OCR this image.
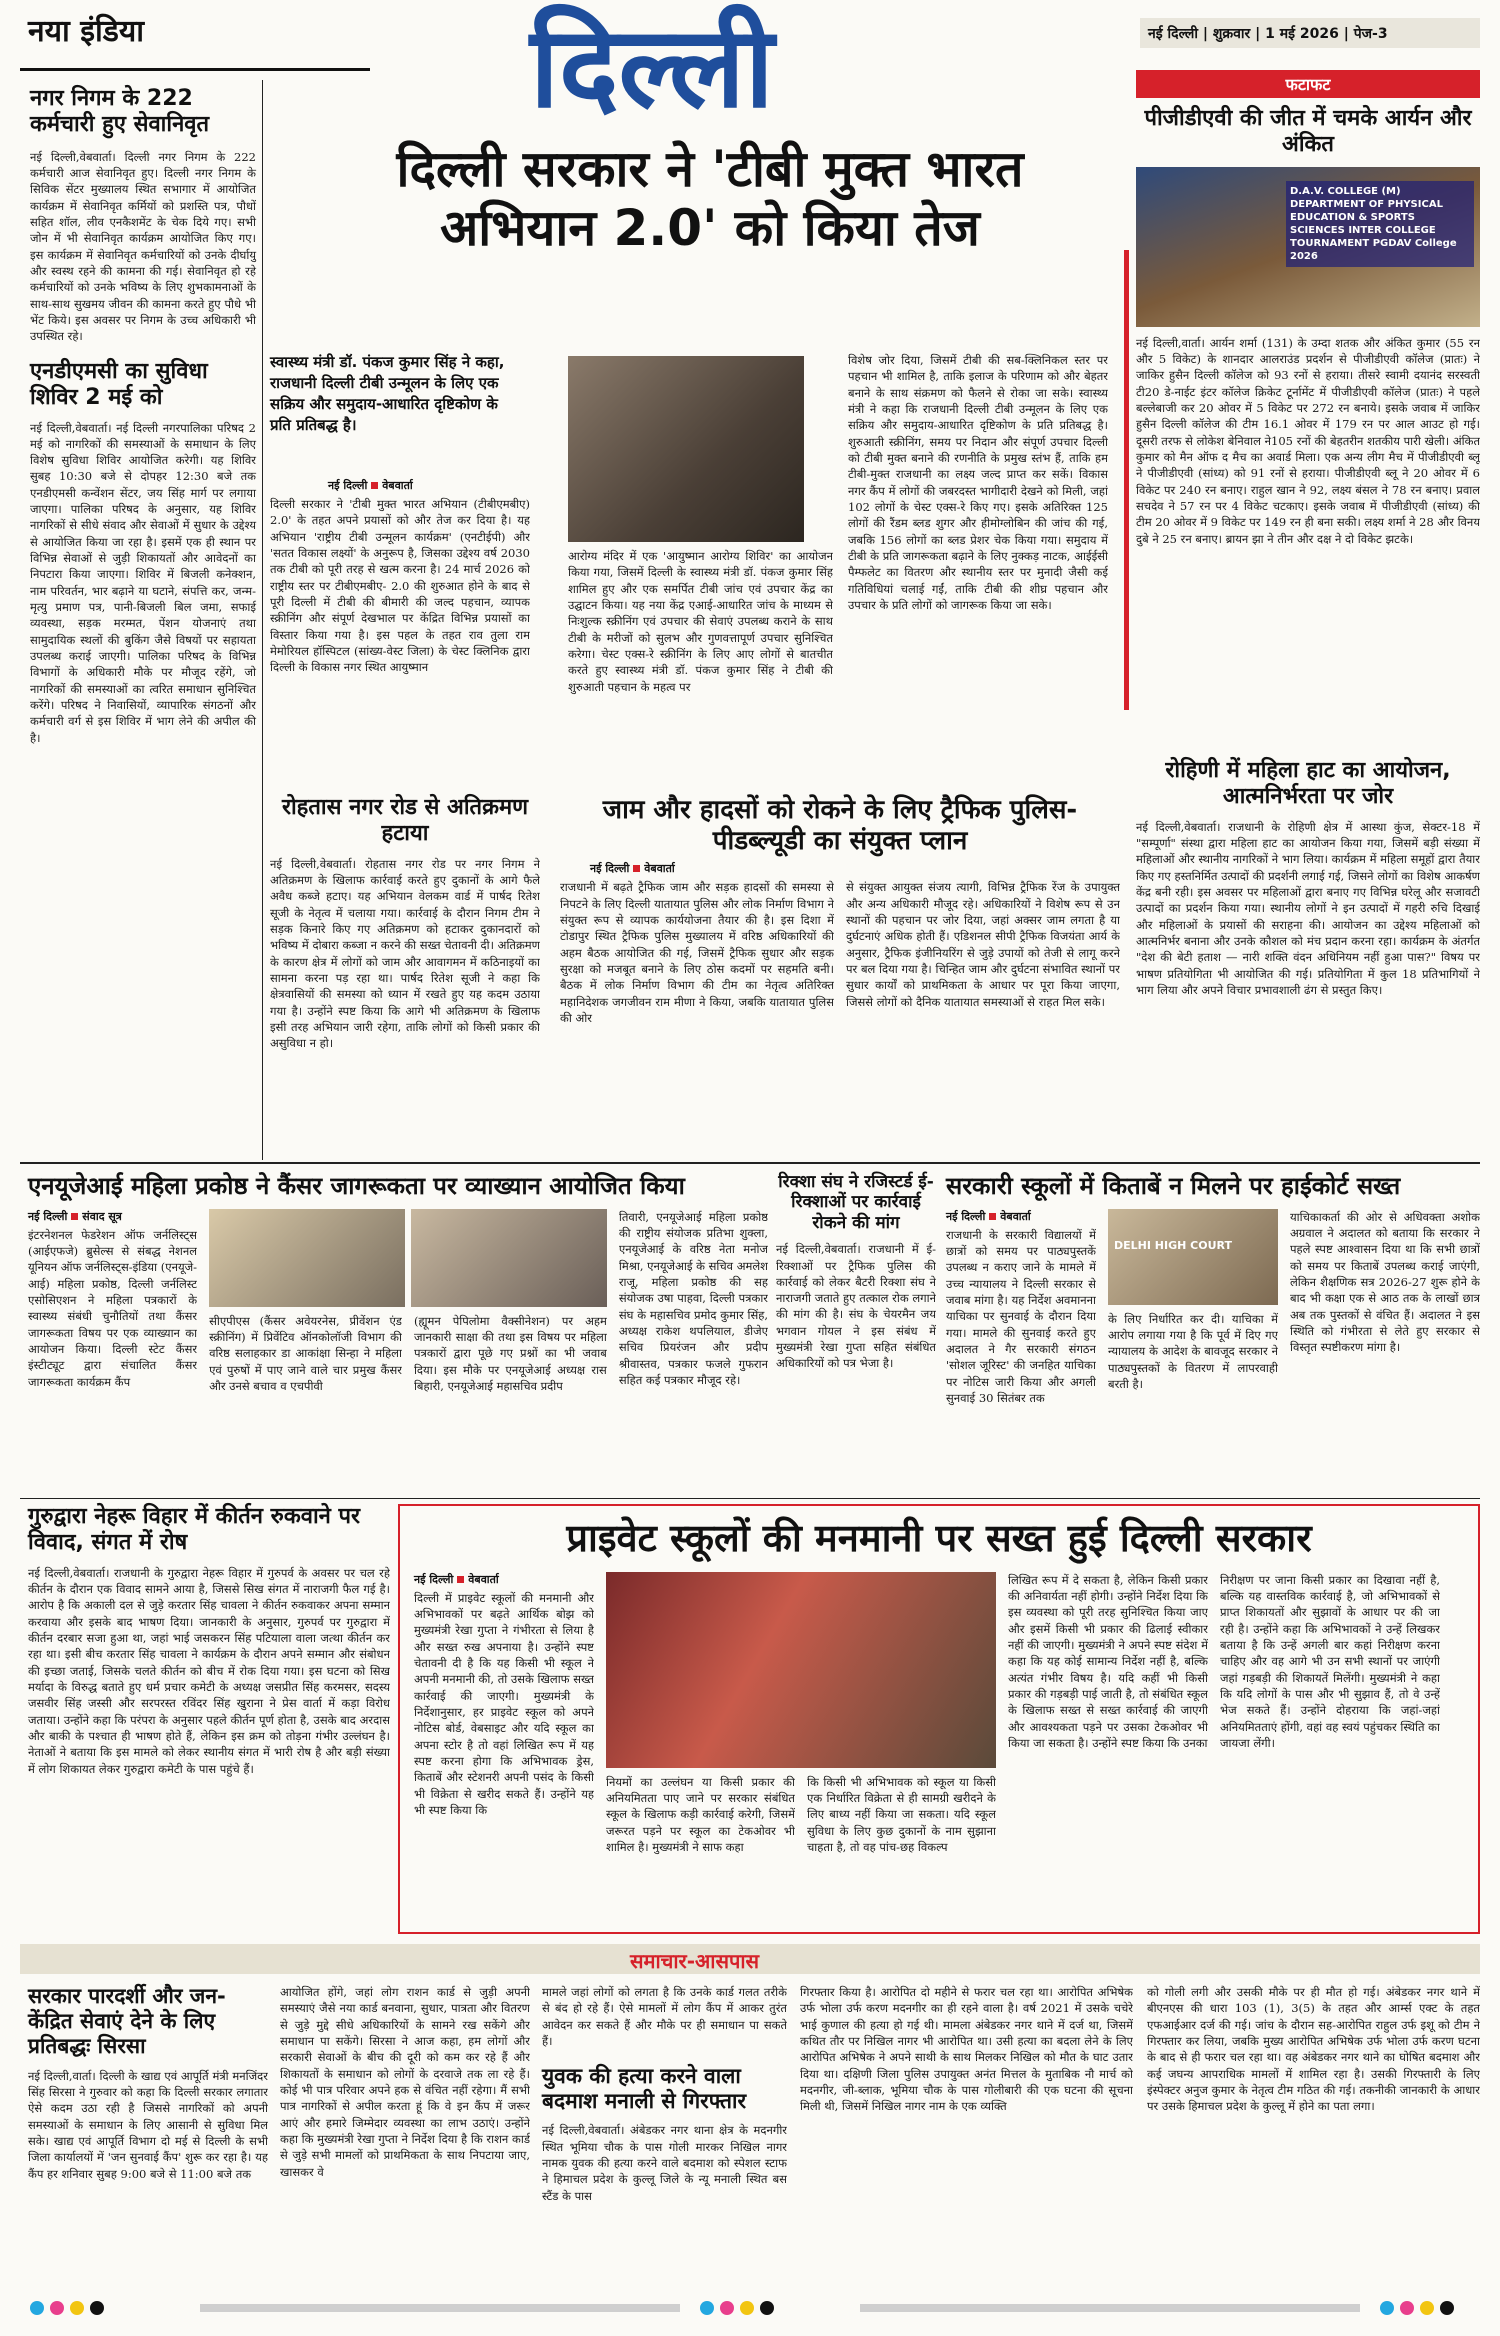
नया इंडिया	दिल्ली	नई दिल्ली | शुक्रवार | 1 मई 2026 | पेज-3
नगर निगम के 222 कर्मचारी हुए सेवानिवृत
नई दिल्ली,वेबवार्ता। दिल्ली नगर निगम के 222 कर्मचारी आज सेवानिवृत हुए। दिल्ली नगर निगम के सिविक सेंटर मुख्यालय स्थित सभागार में आयोजित कार्यक्रम में सेवानिवृत कर्मियों को प्रशस्ति पत्र, पौधों सहित शॉल, लीव एनकैशमेंट के चेक दिये गए। सभी जोन में भी सेवानिवृत कार्यक्रम आयोजित किए गए। इस कार्यक्रम में सेवानिवृत कर्मचारियों को उनके दीर्घायु और स्वस्थ रहने की कामना की गई। सेवानिवृत हो रहे कर्मचारियों को उनके भविष्य के लिए शुभकामनाओं के साथ-साथ सुखमय जीवन की कामना करते हुए पौधे भी भेंट किये। इस अवसर पर निगम के उच्च अधिकारी भी उपस्थित रहे।
एनडीएमसी का सुविधा शिविर 2 मई को
नई दिल्ली,वेबवार्ता। नई दिल्ली नगरपालिका परिषद 2 मई को नागरिकों की समस्याओं के समाधान के लिए विशेष सुविधा शिविर आयोजित करेगी। यह शिविर सुबह 10:30 बजे से दोपहर 12:30 बजे तक एनडीएमसी कन्वेंशन सेंटर, जय सिंह मार्ग पर लगाया जाएगा। पालिका परिषद के अनुसार, यह शिविर नागरिकों से सीधे संवाद और सेवाओं में सुधार के उद्देश्य से आयोजित किया जा रहा है। इसमें एक ही स्थान पर विभिन्न सेवाओं से जुड़ी शिकायतों और आवेदनों का निपटारा किया जाएगा। शिविर में बिजली कनेक्शन, नाम परिवर्तन, भार बढ़ाने या घटाने, संपत्ति कर, जन्म-मृत्यु प्रमाण पत्र, पानी-बिजली बिल जमा, सफाई व्यवस्था, सड़क मरम्मत, पेंशन योजनाएं तथा सामुदायिक स्थलों की बुकिंग जैसे विषयों पर सहायता उपलब्ध कराई जाएगी। पालिका परिषद के विभिन्न विभागों के अधिकारी मौके पर मौजूद रहेंगे, जो नागरिकों की समस्याओं का त्वरित समाधान सुनिश्चित करेंगे। परिषद ने निवासियों, व्यापारिक संगठनों और कर्मचारी वर्ग से इस शिविर में भाग लेने की अपील की है।
दिल्ली सरकार ने 'टीबी मुक्त भारत अभियान 2.0' को किया तेज
स्वास्थ्य मंत्री डॉ. पंकज कुमार सिंह ने कहा, राजधानी दिल्ली टीबी उन्मूलन के लिए एक सक्रिय और समुदाय-आधारित दृष्टिकोण के प्रति प्रतिबद्ध है।
नई दिल्ली वेबवार्ता
दिल्ली सरकार ने 'टीबी मुक्त भारत अभियान (टीबीएमबीए) 2.0' के तहत अपने प्रयासों को और तेज कर दिया है। यह अभियान 'राष्ट्रीय टीबी उन्मूलन कार्यक्रम' (एनटीईपी) और 'सतत विकास लक्ष्यों' के अनुरूप है, जिसका उद्देश्य वर्ष 2030 तक टीबी को पूरी तरह से खत्म करना है। 24 मार्च 2026 को राष्ट्रीय स्तर पर टीबीएमबीए- 2.0 की शुरुआत होने के बाद से पूरी दिल्ली में टीबी की बीमारी की जल्द पहचान, व्यापक स्क्रीनिंग और संपूर्ण देखभाल पर केंद्रित विभिन्न प्रयासों का विस्तार किया गया है। इस पहल के तहत राव तुला राम मेमोरियल हॉस्पिटल (सांख्य-वेस्ट जिला) के चेस्ट क्लिनिक द्वारा दिल्ली के विकास नगर स्थित आयुष्मान
आरोग्य मंदिर में एक 'आयुष्मान आरोग्य शिविर' का आयोजन किया गया, जिसमें दिल्ली के स्वास्थ्य मंत्री डॉ. पंकज कुमार सिंह शामिल हुए और एक समर्पित टीबी जांच एवं उपचार केंद्र का उद्घाटन किया। यह नया केंद्र एआई-आधारित जांच के माध्यम से निःशुल्क स्क्रीनिंग एवं उपचार की सेवाएं उपलब्ध कराने के साथ टीबी के मरीजों को सुलभ और गुणवत्तापूर्ण उपचार सुनिश्चित करेगा। चेस्ट एक्स-रे स्क्रीनिंग के लिए आए लोगों से बातचीत करते हुए स्वास्थ्य मंत्री डॉ. पंकज कुमार सिंह ने टीबी की शुरुआती पहचान के महत्व पर
विशेष जोर दिया, जिसमें टीबी की सब-क्लिनिकल स्तर पर पहचान भी शामिल है, ताकि इलाज के परिणाम को और बेहतर बनाने के साथ संक्रमण को फैलने से रोका जा सके। स्वास्थ्य मंत्री ने कहा कि राजधानी दिल्ली टीबी उन्मूलन के लिए एक सक्रिय और समुदाय-आधारित दृष्टिकोण के प्रति प्रतिबद्ध है। शुरुआती स्क्रीनिंग, समय पर निदान और संपूर्ण उपचार दिल्ली को टीबी मुक्त बनाने की रणनीति के प्रमुख स्तंभ हैं, ताकि हम टीबी-मुक्त राजधानी का लक्ष्य जल्द प्राप्त कर सकें। विकास नगर कैंप में लोगों की जबरदस्त भागीदारी देखने को मिली, जहां 102 लोगों के चेस्ट एक्स-रे किए गए। इसके अतिरिक्त 125 लोगों की रैंडम ब्लड शुगर और हीमोग्लोबिन की जांच की गई, जबकि 156 लोगों का ब्लड प्रेशर चेक किया गया। समुदाय में टीबी के प्रति जागरूकता बढ़ाने के लिए नुक्कड़ नाटक, आईईसी पैम्फलेट का वितरण और स्थानीय स्तर पर मुनादी जैसी कई गतिविधियां चलाई गईं, ताकि टीबी की शीघ्र पहचान और उपचार के प्रति लोगों को जागरूक किया जा सके।
रोहतास नगर रोड से अतिक्रमण हटाया
नई दिल्ली,वेबवार्ता। रोहतास नगर रोड पर नगर निगम ने अतिक्रमण के खिलाफ कार्रवाई करते हुए दुकानों के आगे फैले अवैध कब्जे हटाए। यह अभियान वेलकम वार्ड में पार्षद रितेश सूजी के नेतृत्व में चलाया गया। कार्रवाई के दौरान निगम टीम ने सड़क किनारे किए गए अतिक्रमण को हटाकर दुकानदारों को भविष्य में दोबारा कब्जा न करने की सख्त चेतावनी दी। अतिक्रमण के कारण क्षेत्र में लोगों को जाम और आवागमन में कठिनाइयों का सामना करना पड़ रहा था। पार्षद रितेश सूजी ने कहा कि क्षेत्रवासियों की समस्या को ध्यान में रखते हुए यह कदम उठाया गया है। उन्होंने स्पष्ट किया कि आगे भी अतिक्रमण के खिलाफ इसी तरह अभियान जारी रहेगा, ताकि लोगों को किसी प्रकार की असुविधा न हो।
जाम और हादसों को रोकने के लिए ट्रैफिक पुलिस-पीडब्ल्यूडी का संयुक्त प्लान
नई दिल्ली वेबवार्ता
राजधानी में बढ़ते ट्रैफिक जाम और सड़क हादसों की समस्या से निपटने के लिए दिल्ली यातायात पुलिस और लोक निर्माण विभाग ने संयुक्त रूप से व्यापक कार्ययोजना तैयार की है। इस दिशा में टोडापुर स्थित ट्रैफिक पुलिस मुख्यालय में वरिष्ठ अधिकारियों की अहम बैठक आयोजित की गई, जिसमें ट्रैफिक सुधार और सड़क सुरक्षा को मजबूत बनाने के लिए ठोस कदमों पर सहमति बनी। बैठक में लोक निर्माण विभाग की टीम का नेतृत्व अतिरिक्त महानिदेशक जगजीवन राम मीणा ने किया, जबकि यातायात पुलिस की ओर
से संयुक्त आयुक्त संजय त्यागी, विभिन्न ट्रैफिक रेंज के उपायुक्त और अन्य अधिकारी मौजूद रहे। अधिकारियों ने विशेष रूप से उन स्थानों की पहचान पर जोर दिया, जहां अक्सर जाम लगता है या दुर्घटनाएं अधिक होती हैं। एडिशनल सीपी ट्रैफिक विजयंता आर्य के अनुसार, ट्रैफिक इंजीनियरिंग से जुड़े उपायों को तेजी से लागू करने पर बल दिया गया है। चिन्हित जाम और दुर्घटना संभावित स्थानों पर सुधार कार्यों को प्राथमिकता के आधार पर पूरा किया जाएगा, जिससे लोगों को दैनिक यातायात समस्याओं से राहत मिल सके।
फटाफट
पीजीडीएवी की जीत में चमके आर्यन और अंकित
D.A.V. COLLEGE (M) DEPARTMENT OF PHYSICAL EDUCATION & SPORTS SCIENCES INTER COLLEGE TOURNAMENT PGDAV College 2026
नई दिल्ली,वार्ता। आर्यन शर्मा (131) के उम्दा शतक और अंकित कुमार (55 रन और 5 विकेट) के शानदार आलराउंड प्रदर्शन से पीजीडीएवी कॉलेज (प्रातः) ने जाकिर हुसैन दिल्ली कॉलेज को 93 रनों से हराया। तीसरे स्वामी दयानंद सरस्वती टी20 डे-नाईट इंटर कॉलेज क्रिकेट टूर्नामेंट में पीजीडीएवी कॉलेज (प्रातः) ने पहले बल्लेबाजी कर 20 ओवर में 5 विकेट पर 272 रन बनाये। इसके जवाब में जाकिर हुसैन दिल्ली कॉलेज की टीम 16.1 ओवर में 179 रन पर आल आउट हो गई। दूसरी तरफ से लोकेश बेनिवाल ने105 रनों की बेहतरीन शतकीय पारी खेली। अंकित कुमार को मैन ऑफ द मैच का अवार्ड मिला। एक अन्य लीग मैच में पीजीडीएवी ब्लू ने पीजीडीएवी (सांध्य) को 91 रनों से हराया। पीजीडीएवी ब्लू ने 20 ओवर में 6 विकेट पर 240 रन बनाए। राहुल खान ने 92, लक्ष्य बंसल ने 78 रन बनाए। प्रवाल सचदेव ने 57 रन पर 4 विकेट चटकाए। इसके जवाब में पीजीडीएवी (सांध्य) की टीम 20 ओवर में 9 विकेट पर 149 रन ही बना सकी। लक्ष्य शर्मा ने 28 और विनय दुबे ने 25 रन बनाए। ब्रायन झा ने तीन और दक्ष ने दो विकेट झटके।
रोहिणी में महिला हाट का आयोजन, आत्मनिर्भरता पर जोर
नई दिल्ली,वेबवार्ता। राजधानी के रोहिणी क्षेत्र में आस्था कुंज, सेक्टर-18 में "सम्पूर्णा" संस्था द्वारा महिला हाट का आयोजन किया गया, जिसमें बड़ी संख्या में महिलाओं और स्थानीय नागरिकों ने भाग लिया। कार्यक्रम में महिला समूहों द्वारा तैयार किए गए हस्तनिर्मित उत्पादों की प्रदर्शनी लगाई गई, जिसने लोगों का विशेष आकर्षण केंद्र बनी रही। इस अवसर पर महिलाओं द्वारा बनाए गए विभिन्न घरेलू और सजावटी उत्पादों का प्रदर्शन किया गया। स्थानीय लोगों ने इन उत्पादों में गहरी रुचि दिखाई और महिलाओं के प्रयासों की सराहना की। आयोजन का उद्देश्य महिलाओं को आत्मनिर्भर बनाना और उनके कौशल को मंच प्रदान करना रहा। कार्यक्रम के अंतर्गत "देश की बेटी हताश — नारी शक्ति वंदन अधिनियम नहीं हुआ पास?" विषय पर भाषण प्रतियोगिता भी आयोजित की गई। प्रतियोगिता में कुल 18 प्रतिभागियों ने भाग लिया और अपने विचार प्रभावशाली ढंग से प्रस्तुत किए।
एनयूजेआई महिला प्रकोष्ठ ने कैंसर जागरूकता पर व्याख्यान आयोजित किया
नई दिल्ली संवाद सूत्र
इंटरनेशनल फेडरेशन ऑफ जर्नलिस्ट्स (आईएफजे) ब्रुसेल्स से संबद्ध नेशनल यूनियन ऑफ जर्नलिस्ट्स-इंडिया (एनयूजे-आई) महिला प्रकोष्ठ, दिल्ली जर्नलिस्ट एसोसिएशन ने महिला पत्रकारों के स्वास्थ्य संबंधी चुनौतियों तथा कैंसर जागरूकता विषय पर एक व्याख्यान का आयोजन किया। दिल्ली स्टेट कैंसर इंस्टीट्यूट द्वारा संचालित कैंसर जागरूकता कार्यक्रम कैंप
सीएपीएस (कैंसर अवेयरनेस, प्रीवेंशन एंड स्क्रीनिंग) में प्रिवेंटिव ऑनकोलॉजी विभाग की वरिष्ठ सलाहकार डा आकांक्षा सिन्हा ने महिला एवं पुरुषों में पाए जाने वाले चार प्रमुख कैंसर और उनसे बचाव व एचपीवी
(ह्यूमन पेपिलोमा वैक्सीनेशन) पर अहम जानकारी साक्षा की तथा इस विषय पर महिला पत्रकारों द्वारा पूछे गए प्रश्नों का भी जवाब दिया। इस मौके पर एनयूजेआई अध्यक्ष रास बिहारी, एनयूजेआई महासचिव प्रदीप
तिवारी, एनयूजेआई महिला प्रकोष्ठ की राष्ट्रीय संयोजक प्रतिभा शुक्ला, एनयूजेआई के वरिष्ठ नेता मनोज मिश्रा, एनयूजेआई के सचिव अमलेश राजू, महिला प्रकोष्ठ की सह संयोजक उषा पाहवा, दिल्ली पत्रकार संघ के महासचिव प्रमोद कुमार सिंह, अध्यक्ष राकेश थपलियाल, डीजेए सचिव प्रियरंजन और प्रदीप श्रीवास्तव, पत्रकार फजले गुफरान सहित कई पत्रकार मौजूद रहे।
रिक्शा संघ ने रजिस्टर्ड ई-रिक्शाओं पर कार्रवाई रोकने की मांग
नई दिल्ली,वेबवार्ता। राजधानी में ई-रिक्शाओं पर ट्रैफिक पुलिस की कार्रवाई को लेकर बैटरी रिक्शा संघ ने नाराजगी जताते हुए तत्काल रोक लगाने की मांग की है। संघ के चेयरमैन जय भगवान गोयल ने इस संबंध में मुख्यमंत्री रेखा गुप्ता सहित संबंधित अधिकारियों को पत्र भेजा है।
सरकारी स्कूलों में किताबें न मिलने पर हाईकोर्ट सख्त
नई दिल्ली वेबवार्ता
राजधानी के सरकारी विद्यालयों में छात्रों को समय पर पाठ्यपुस्तकें उपलब्ध न कराए जाने के मामले में उच्च न्यायालय ने दिल्ली सरकार से जवाब मांगा है। यह निर्देश अवमानना याचिका पर सुनवाई के दौरान दिया गया। मामले की सुनवाई करते हुए अदालत ने गैर सरकारी संगठन 'सोशल जूरिस्ट' की जनहित याचिका पर नोटिस जारी किया और अगली सुनवाई 30 सितंबर तक
DELHI HIGH COURT
के लिए निर्धारित कर दी। याचिका में आरोप लगाया गया है कि पूर्व में दिए गए न्यायालय के आदेश के बावजूद सरकार ने पाठ्यपुस्तकों के वितरण में लापरवाही बरती है।
याचिकाकर्ता की ओर से अधिवक्ता अशोक अग्रवाल ने अदालत को बताया कि सरकार ने पहले स्पष्ट आश्वासन दिया था कि सभी छात्रों को समय पर किताबें उपलब्ध कराई जाएंगी, लेकिन शैक्षणिक सत्र 2026-27 शुरू होने के बाद भी कक्षा एक से आठ तक के लाखों छात्र अब तक पुस्तकों से वंचित हैं। अदालत ने इस स्थिति को गंभीरता से लेते हुए सरकार से विस्तृत स्पष्टीकरण मांगा है।
गुरुद्वारा नेहरू विहार में कीर्तन रुकवाने पर विवाद, संगत में रोष
नई दिल्ली,वेबवार्ता। राजधानी के गुरुद्वारा नेहरू विहार में गुरुपर्व के अवसर पर चल रहे कीर्तन के दौरान एक विवाद सामने आया है, जिससे सिख संगत में नाराजगी फैल गई है। आरोप है कि अकाली दल से जुड़े करतार सिंह चावला ने कीर्तन रुकवाकर अपना सम्मान करवाया और इसके बाद भाषण दिया। जानकारी के अनुसार, गुरुपर्व पर गुरुद्वारा में कीर्तन दरबार सजा हुआ था, जहां भाई जसकरन सिंह पटियाला वाला जत्था कीर्तन कर रहा था। इसी बीच करतार सिंह चावला ने कार्यक्रम के दौरान अपने सम्मान और संबोधन की इच्छा जताई, जिसके चलते कीर्तन को बीच में रोक दिया गया। इस घटना को सिख मर्यादा के विरुद्ध बताते हुए धर्म प्रचार कमेटी के अध्यक्ष जसप्रीत सिंह करमसर, सदस्य जसवीर सिंह जस्सी और सरपरस्त रविंदर सिंह खुराना ने प्रेस वार्ता में कड़ा विरोध जताया। उन्होंने कहा कि परंपरा के अनुसार पहले कीर्तन पूर्ण होता है, उसके बाद अरदास और बाकी के पश्चात ही भाषण होते हैं, लेकिन इस क्रम को तोड़ना गंभीर उल्लंघन है। नेताओं ने बताया कि इस मामले को लेकर स्थानीय संगत में भारी रोष है और बड़ी संख्या में लोग शिकायत लेकर गुरुद्वारा कमेटी के पास पहुंचे हैं।
प्राइवेट स्कूलों की मनमानी पर सख्त हुई दिल्ली सरकार
नई दिल्ली वेबवार्ता
दिल्ली में प्राइवेट स्कूलों की मनमानी और अभिभावकों पर बढ़ते आर्थिक बोझ को मुख्यमंत्री रेखा गुप्ता ने गंभीरता से लिया है और सख्त रुख अपनाया है। उन्होंने स्पष्ट चेतावनी दी है कि यह किसी भी स्कूल ने अपनी मनमानी की, तो उसके खिलाफ सख्त कार्रवाई की जाएगी। मुख्यमंत्री के निर्देशानुसार, हर प्राइवेट स्कूल को अपने नोटिस बोर्ड, वेबसाइट और यदि स्कूल का अपना स्टोर है तो वहां लिखित रूप में यह स्पष्ट करना होगा कि अभिभावक ड्रेस, किताबें और स्टेशनरी अपनी पसंद के किसी भी विक्रेता से खरीद सकते हैं। उन्होंने यह भी स्पष्ट किया कि
नियमों का उल्लंघन या किसी प्रकार की अनियमितता पाए जाने पर सरकार संबंधित स्कूल के खिलाफ कड़ी कार्रवाई करेगी, जिसमें जरूरत पड़ने पर स्कूल का टेकओवर भी शामिल है। मुख्यमंत्री ने साफ कहा
कि किसी भी अभिभावक को स्कूल या किसी एक निर्धारित विक्रेता से ही सामग्री खरीदने के लिए बाध्य नहीं किया जा सकता। यदि स्कूल सुविधा के लिए कुछ दुकानों के नाम सुझाना चाहता है, तो वह पांच-छह विकल्प
लिखित रूप में दे सकता है, लेकिन किसी प्रकार की अनिवार्यता नहीं होगी। उन्होंने निर्देश दिया कि इस व्यवस्था को पूरी तरह सुनिश्चित किया जाए और इसमें किसी भी प्रकार की ढिलाई स्वीकार नहीं की जाएगी। मुख्यमंत्री ने अपने स्पष्ट संदेश में कहा कि यह कोई सामान्य निर्देश नहीं है, बल्कि अत्यंत गंभीर विषय है। यदि कहीं भी किसी प्रकार की गड़बड़ी पाई जाती है, तो संबंधित स्कूल के खिलाफ सख्त से सख्त कार्रवाई की जाएगी और आवश्यकता पड़ने पर उसका टेकओवर भी किया जा सकता है। उन्होंने स्पष्ट किया कि उनका
निरीक्षण पर जाना किसी प्रकार का दिखावा नहीं है, बल्कि यह वास्तविक कार्रवाई है, जो अभिभावकों से प्राप्त शिकायतों और सुझावों के आधार पर की जा रही है। उन्होंने कहा कि अभिभावकों ने उन्हें लिखकर बताया है कि उन्हें अगली बार कहां निरीक्षण करना चाहिए और वह आगे भी उन सभी स्थानों पर जाएंगी जहां गड़बड़ी की शिकायतें मिलेंगी। मुख्यमंत्री ने कहा कि यदि लोगों के पास और भी सुझाव हैं, तो वे उन्हें भेज सकते हैं। उन्होंने दोहराया कि जहां-जहां अनियमितताएं होंगी, वहां वह स्वयं पहुंचकर स्थिति का जायजा लेंगी।
समाचार-आसपास
सरकार पारदर्शी और जन-केंद्रित सेवाएं देने के लिए प्रतिबद्धः सिरसा
नई दिल्ली,वार्ता। दिल्ली के खाद्य एवं आपूर्ति मंत्री मनजिंदर सिंह सिरसा ने गुरुवार को कहा कि दिल्ली सरकार लगातार ऐसे कदम उठा रही है जिससे नागरिकों को अपनी समस्याओं के समाधान के लिए आसानी से सुविधा मिल सके। खाद्य एवं आपूर्ति विभाग दो मई से दिल्ली के सभी जिला कार्यालयों में 'जन सुनवाई कैंप' शुरू कर रहा है। यह कैंप हर शनिवार सुबह 9:00 बजे से 11:00 बजे तक
आयोजित होंगे, जहां लोग राशन कार्ड से जुड़ी अपनी समस्याएं जैसे नया कार्ड बनवाना, सुधार, पात्रता और वितरण से जुड़े मुद्दे सीधे अधिकारियों के सामने रख सकेंगे और समाधान पा सकेंगे। सिरसा ने आज कहा, हम लोगों और सरकारी सेवाओं के बीच की दूरी को कम कर रहे हैं और शिकायतों के समाधान को लोगों के दरवाजे तक ला रहे हैं। कोई भी पात्र परिवार अपने हक से वंचित नहीं रहेगा। मैं सभी पात्र नागरिकों से अपील करता हूं कि वे इन कैंप में जरूर आएं और हमारे जिम्मेदार व्यवस्था का लाभ उठाएं। उन्होंने कहा कि मुख्यमंत्री रेखा गुप्ता ने निर्देश दिया है कि राशन कार्ड से जुड़े सभी मामलों को प्राथमिकता के साथ निपटाया जाए, खासकर वे
मामले जहां लोगों को लगता है कि उनके कार्ड गलत तरीके से बंद हो रहे हैं। ऐसे मामलों में लोग कैंप में आकर तुरंत आवेदन कर सकते हैं और मौके पर ही समाधान पा सकते हैं।
युवक की हत्या करने वाला बदमाश मनाली से गिरफ्तार
नई दिल्ली,वेबवार्ता। अंबेडकर नगर थाना क्षेत्र के मदनगीर स्थित भूमिया चौक के पास गोली मारकर निखिल नागर नामक युवक की हत्या करने वाले बदमाश को स्पेशल स्टाफ ने हिमाचल प्रदेश के कुल्लू जिले के न्यू मनाली स्थित बस स्टैंड के पास
गिरफ्तार किया है। आरोपित दो महीने से फरार चल रहा था। आरोपित अभिषेक उर्फ भोला उर्फ करण मदनगीर का ही रहने वाला है। वर्ष 2021 में उसके चचेरे भाई कुणाल की हत्या हो गई थी। मामला अंबेडकर नगर थाने में दर्ज था, जिसमें कथित तौर पर निखिल नागर भी आरोपित था। उसी हत्या का बदला लेने के लिए आरोपित अभिषेक ने अपने साथी के साथ मिलकर निखिल को मौत के घाट उतार दिया था। दक्षिणी जिला पुलिस उपायुक्त अनंत मित्तल के मुताबिक नौ मार्च को मदनगीर, जी-ब्लाक, भूमिया चौक के पास गोलीबारी की एक घटना की सूचना मिली थी, जिसमें निखिल नागर नाम के एक व्यक्ति
को गोली लगी और उसकी मौके पर ही मौत हो गई। अंबेडकर नगर थाने में बीएनएस की धारा 103 (1), 3(5) के तहत और आर्म्स एक्ट के तहत एफआईआर दर्ज की गई। जांच के दौरान सह-आरोपित राहुल उर्फ इशू को टीम ने गिरफ्तार कर लिया, जबकि मुख्य आरोपित अभिषेक उर्फ भोला उर्फ करण घटना के बाद से ही फरार चल रहा था। वह अंबेडकर नगर थाने का घोषित बदमाश और कई जघन्य आपराधिक मामलों में शामिल रहा है। उसकी गिरफ्तारी के लिए इंस्पेक्टर अनुज कुमार के नेतृत्व टीम गठित की गई। तकनीकी जानकारी के आधार पर उसके हिमाचल प्रदेश के कुल्लू में होने का पता लगा।
